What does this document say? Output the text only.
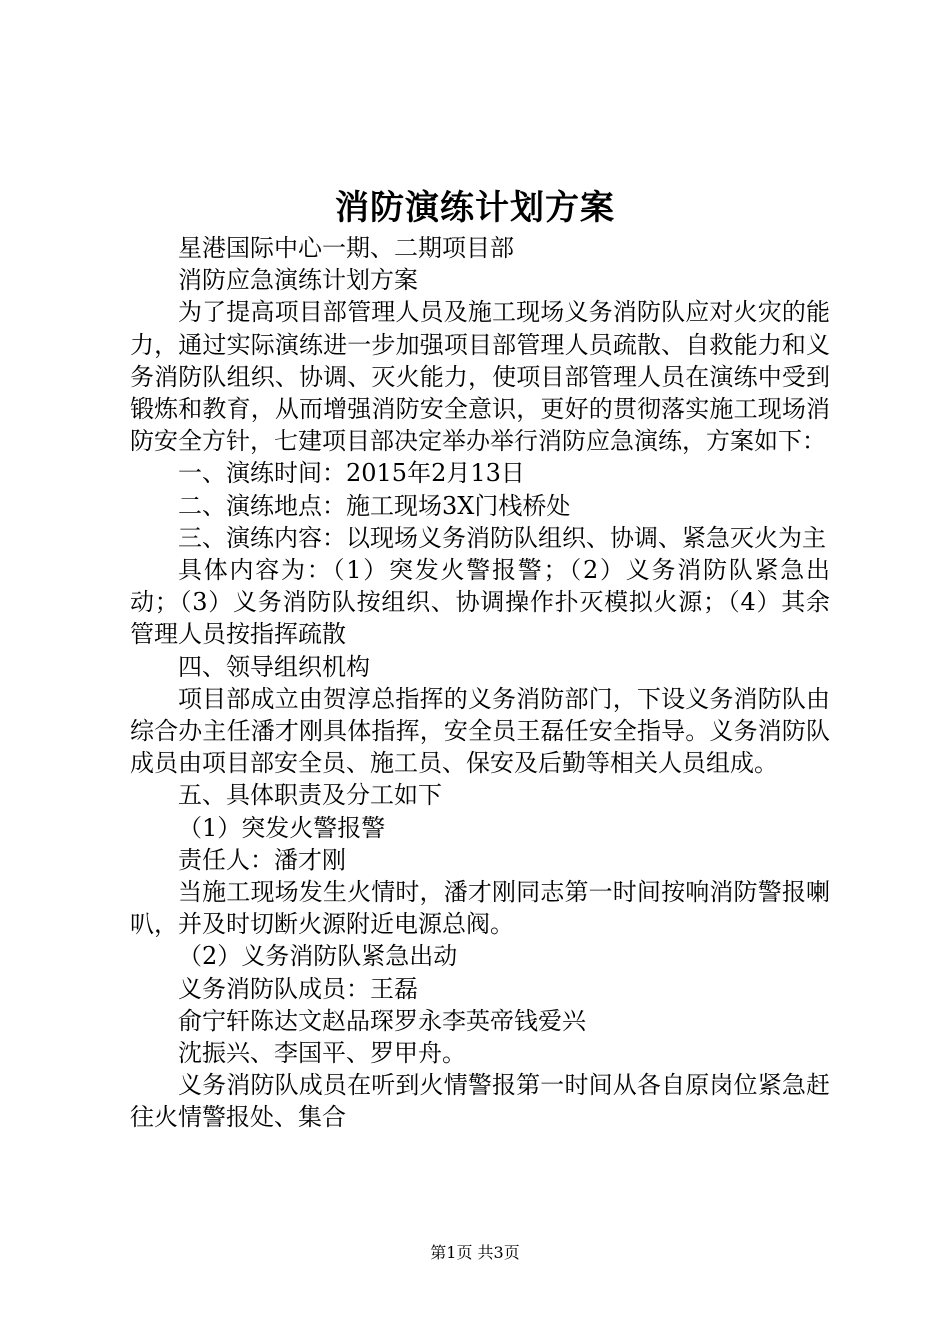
消防演练计划方案

星港国际中心一期、二期项目部

消防应急演练计划方案

为了提高项目部管理人员及施工现场义务消防队应对火灾的能力，通过实际演练进一步加强项目部管理人员疏散、自救能力和义务消防队组织、协调、灭火能力，使项目部管理人员在演练中受到锻炼和教育，从而增强消防安全意识，更好的贯彻落实施工现场消防安全方针，七建项目部决定举办举行消防应急演练，方案如下：

一、演练时间：2015年2月13日

二、演练地点：施工现场3X门栈桥处

三、演练内容：以现场义务消防队组织、协调、紧急灭火为主

具体内容为：（1）突发火警报警；（2）义务消防队紧急出动；（3）义务消防队按组织、协调操作扑灭模拟火源；（4）其余管理人员按指挥疏散

四、领导组织机构

项目部成立由贺淳总指挥的义务消防部门，下设义务消防队由综合办主任潘才刚具体指挥，安全员王磊任安全指导。义务消防队成员由项目部安全员、施工员、保安及后勤等相关人员组成。

五、具体职责及分工如下

（1）突发火警报警

责任人：潘才刚

当施工现场发生火情时，潘才刚同志第一时间按响消防警报喇叭，并及时切断火源附近电源总阀。

（2）义务消防队紧急出动

义务消防队成员：王磊

俞宁轩陈达文赵品琛罗永李英帝钱爱兴

沈振兴、李国平、罗甲舟。

义务消防队成员在听到火情警报第一时间从各自原岗位紧急赶往火情警报处、集合

第1页 共3页
